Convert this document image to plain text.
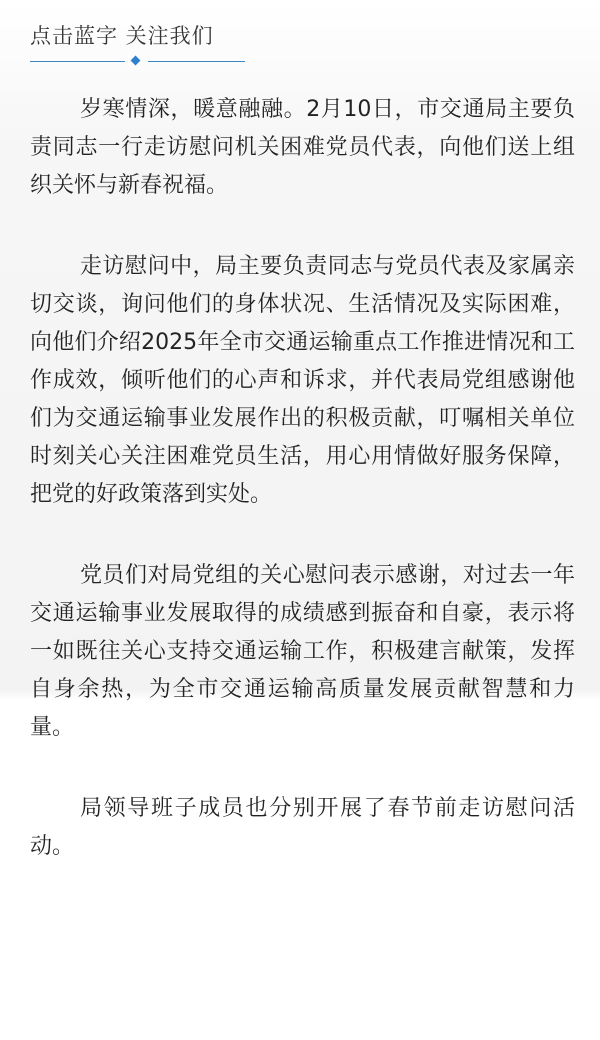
点击蓝字 关注我们

岁寒情深，暖意融融。2月10日，市交通局主要负责同志一行走访慰问机关困难党员代表，向他们送上组织关怀与新春祝福。

走访慰问中，局主要负责同志与党员代表及家属亲切交谈，询问他们的身体状况、生活情况及实际困难，向他们介绍2025年全市交通运输重点工作推进情况和工作成效，倾听他们的心声和诉求，并代表局党组感谢他们为交通运输事业发展作出的积极贡献，叮嘱相关单位时刻关心关注困难党员生活，用心用情做好服务保障，把党的好政策落到实处。

党员们对局党组的关心慰问表示感谢，对过去一年交通运输事业发展取得的成绩感到振奋和自豪，表示将一如既往关心支持交通运输工作，积极建言献策，发挥自身余热，为全市交通运输高质量发展贡献智慧和力量。

局领导班子成员也分别开展了春节前走访慰问活动。
